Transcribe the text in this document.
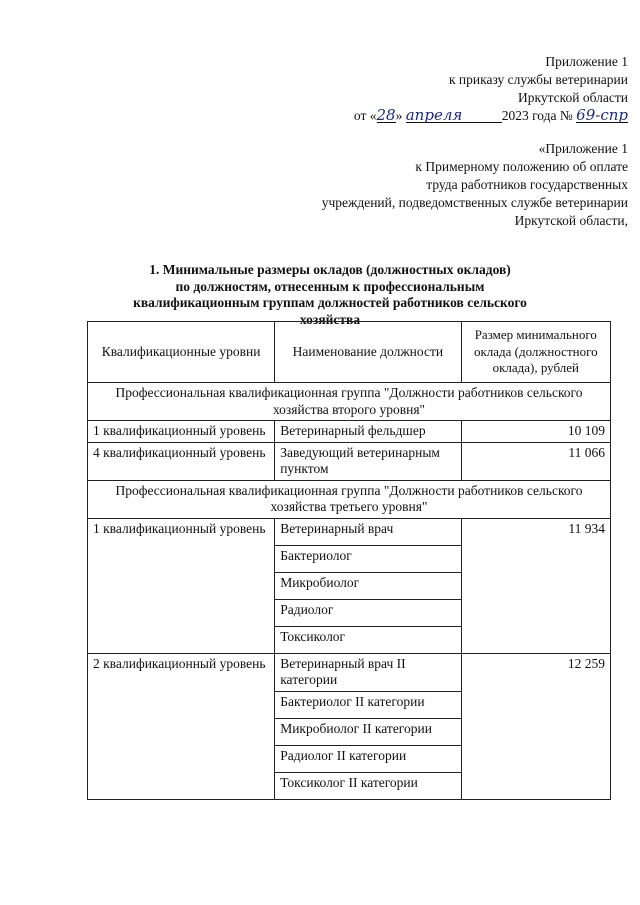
Приложение 1
к приказу службы ветеринарии
Иркутской области
от «28» апреля	2023 года № 69-спр
«Приложение 1
к Примерному положению об оплате
труда работников государственных
учреждений, подведомственных службе ветеринарии
Иркутской области,
1. Минимальные размеры окладов (должностных окладов)
по должностям, отнесенным к профессиональным
квалификационным группам должностей работников сельского
хозяйства
Квалификационные уровни	Наименование должности	Размер минимального оклада (должностного оклада), рублей
Профессиональная квалификационная группа "Должности работников сельского хозяйства второго уровня"		
1 квалификационный уровень	Ветеринарный фельдшер	10 109
4 квалификационный уровень	Заведующий ветеринарным пунктом	11 066
Профессиональная квалификационная группа "Должности работников сельского хозяйства третьего уровня"		
1 квалификационный уровень	Ветеринарный врач	11 934
	Бактериолог	
	Микробиолог	
	Радиолог	
	Токсиколог	
2 квалификационный уровень	Ветеринарный врач II категории	12 259
	Бактериолог II категории	
	Микробиолог II категории	
	Радиолог II категории	
	Токсиколог II категории	
